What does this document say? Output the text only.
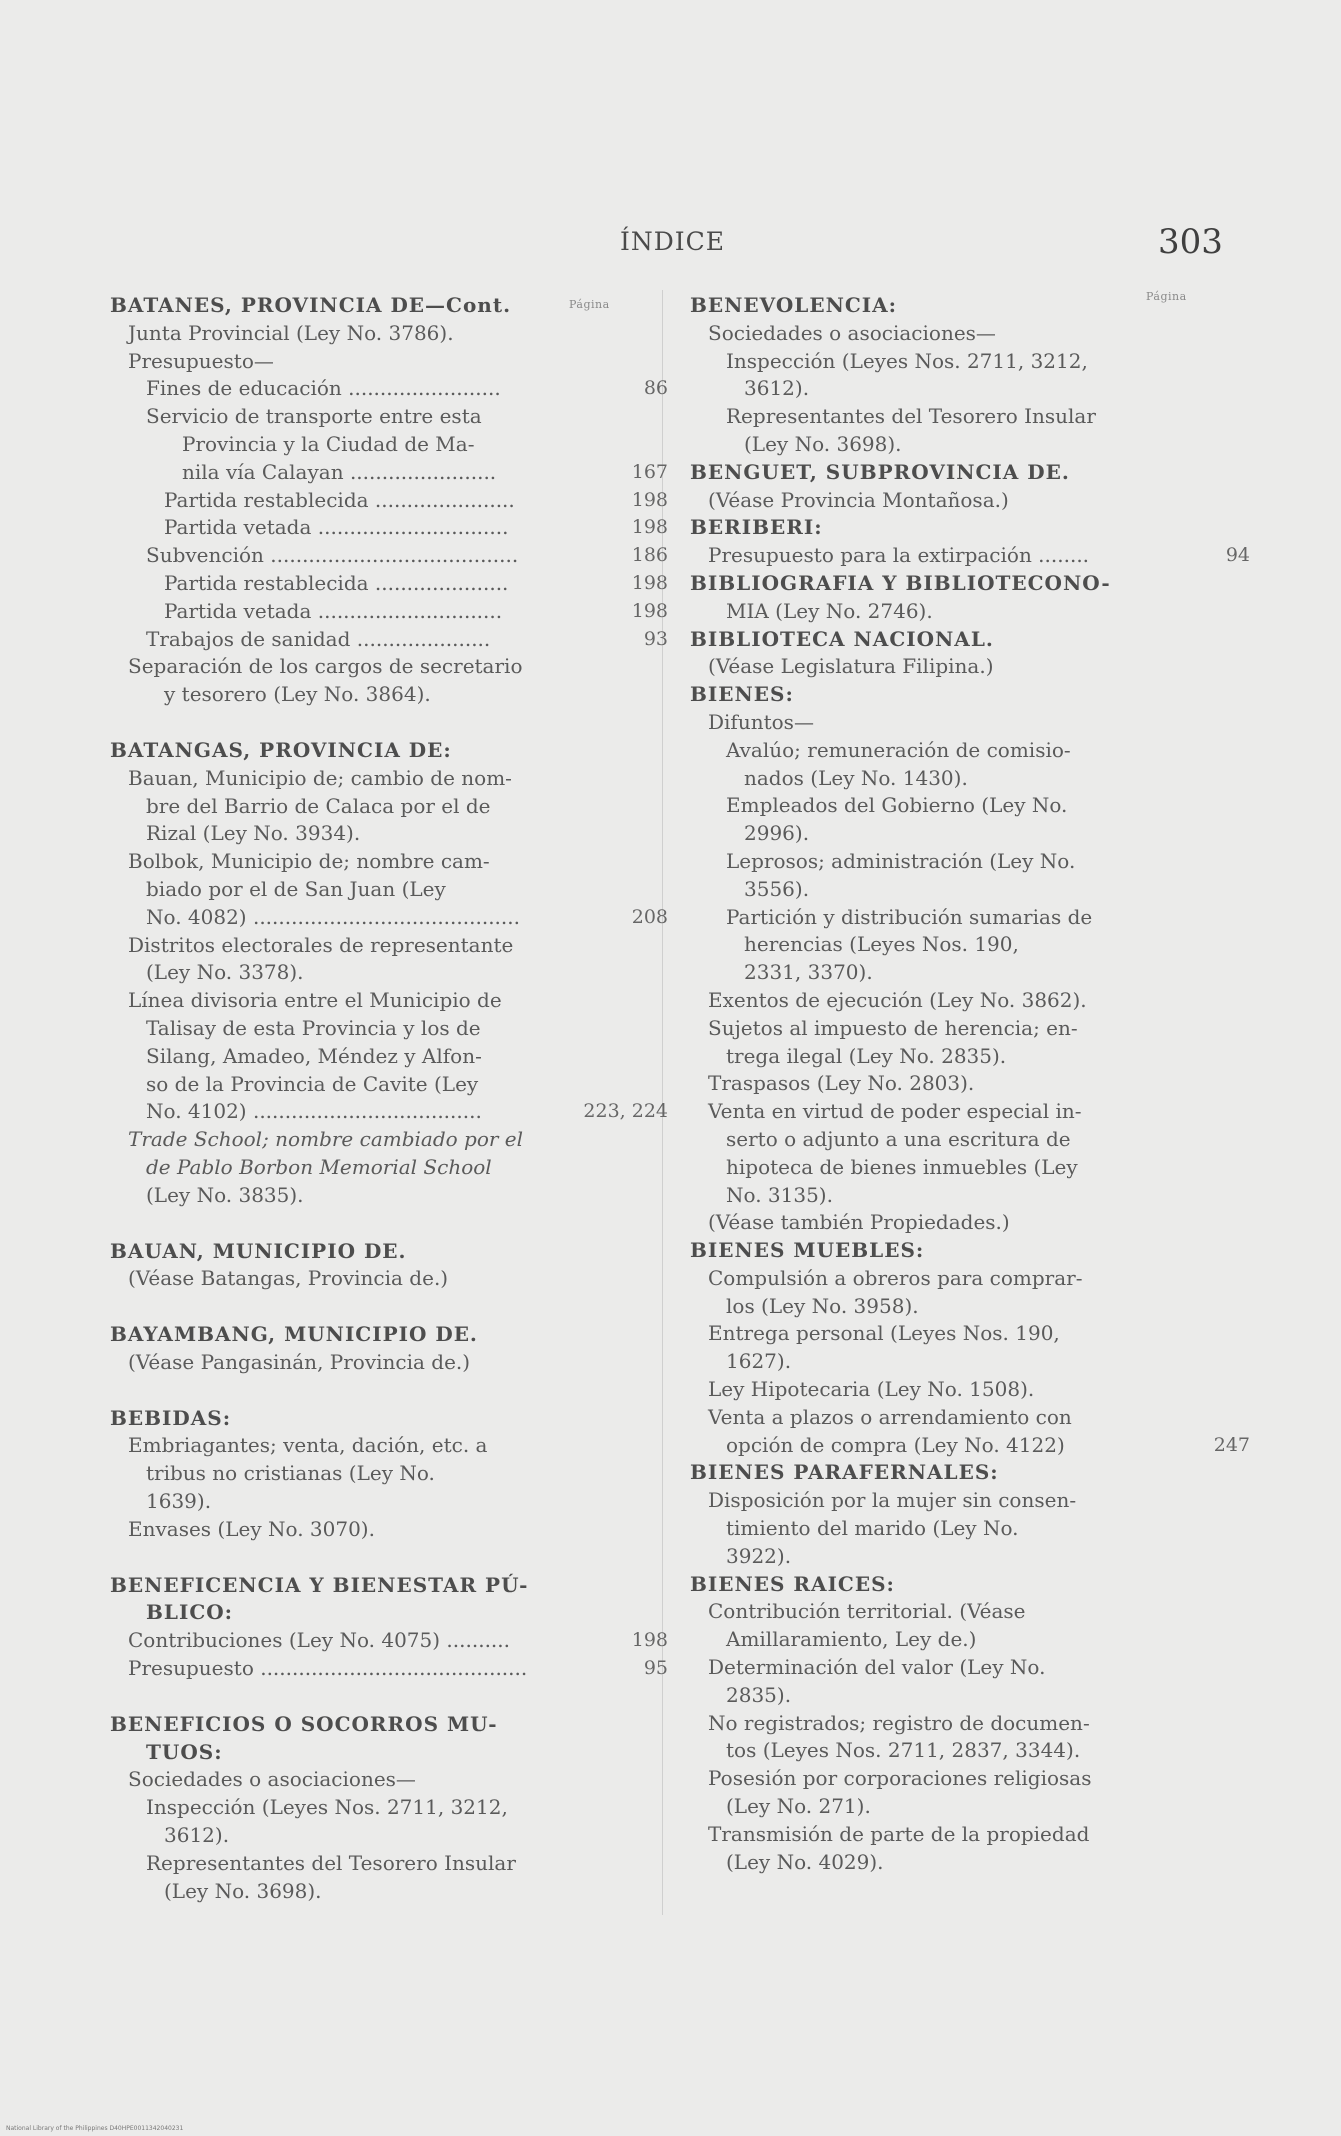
ÍNDICE	303
Página
Página
BATANES, PROVINCIA DE—Cont.
Junta Provincial (Ley No. 3786).
Presupuesto—
Fines de educación ........................	86
Servicio de transporte entre esta
Provincia y la Ciudad de Ma-
nila vía Calayan .......................	167
Partida restablecida ......................	198
Partida vetada ..............................	198
Subvención .......................................	186
Partida restablecida .....................	198
Partida vetada .............................	198
Trabajos de sanidad .....................	93
Separación de los cargos de secretario
y tesorero (Ley No. 3864).
BATANGAS, PROVINCIA DE:
Bauan, Municipio de; cambio de nom-
bre del Barrio de Calaca por el de
Rizal (Ley No. 3934).
Bolbok, Municipio de; nombre cam-
biado por el de San Juan (Ley
No. 4082) ..........................................	208
Distritos electorales de representante
(Ley No. 3378).
Línea divisoria entre el Municipio de
Talisay de esta Provincia y los de
Silang, Amadeo, Méndez y Alfon-
so de la Provincia de Cavite (Ley
No. 4102) ....................................	223, 224
Trade School; nombre cambiado por el
de Pablo Borbon Memorial School
(Ley No. 3835).
BAUAN, MUNICIPIO DE.
(Véase Batangas, Provincia de.)
BAYAMBANG, MUNICIPIO DE.
(Véase Pangasinán, Provincia de.)
BEBIDAS:
Embriagantes; venta, dación, etc. a
tribus no cristianas (Ley No.
1639).
Envases (Ley No. 3070).
BENEFICENCIA Y BIENESTAR PÚ-
BLICO:
Contribuciones (Ley No. 4075) ..........	198
Presupuesto ..........................................	95
BENEFICIOS O SOCORROS MU-
TUOS:
Sociedades o asociaciones—
Inspección (Leyes Nos. 2711, 3212,
3612).
Representantes del Tesorero Insular
(Ley No. 3698).
BENEVOLENCIA:
Sociedades o asociaciones—
Inspección (Leyes Nos. 2711, 3212,
3612).
Representantes del Tesorero Insular
(Ley No. 3698).
BENGUET, SUBPROVINCIA DE.
(Véase Provincia Montañosa.)
BERIBERI:
Presupuesto para la extirpación ........	94
BIBLIOGRAFIA Y BIBLIOTECONO-
MIA (Ley No. 2746).
BIBLIOTECA NACIONAL.
(Véase Legislatura Filipina.)
BIENES:
Difuntos—
Avalúo; remuneración de comisio-
nados (Ley No. 1430).
Empleados del Gobierno (Ley No.
2996).
Leprosos; administración (Ley No.
3556).
Partición y distribución sumarias de
herencias (Leyes Nos. 190,
2331, 3370).
Exentos de ejecución (Ley No. 3862).
Sujetos al impuesto de herencia; en-
trega ilegal (Ley No. 2835).
Traspasos (Ley No. 2803).
Venta en virtud de poder especial in-
serto o adjunto a una escritura de
hipoteca de bienes inmuebles (Ley
No. 3135).
(Véase también Propiedades.)
BIENES MUEBLES:
Compulsión a obreros para comprar-
los (Ley No. 3958).
Entrega personal (Leyes Nos. 190,
1627).
Ley Hipotecaria (Ley No. 1508).
Venta a plazos o arrendamiento con
opción de compra (Ley No. 4122)	247
BIENES PARAFERNALES:
Disposición por la mujer sin consen-
timiento del marido (Ley No.
3922).
BIENES RAICES:
Contribución territorial. (Véase
Amillaramiento, Ley de.)
Determinación del valor (Ley No.
2835).
No registrados; registro de documen-
tos (Leyes Nos. 2711, 2837, 3344).
Posesión por corporaciones religiosas
(Ley No. 271).
Transmisión de parte de la propiedad
(Ley No. 4029).
National Library of the Philippines D40HPE0011342040231
